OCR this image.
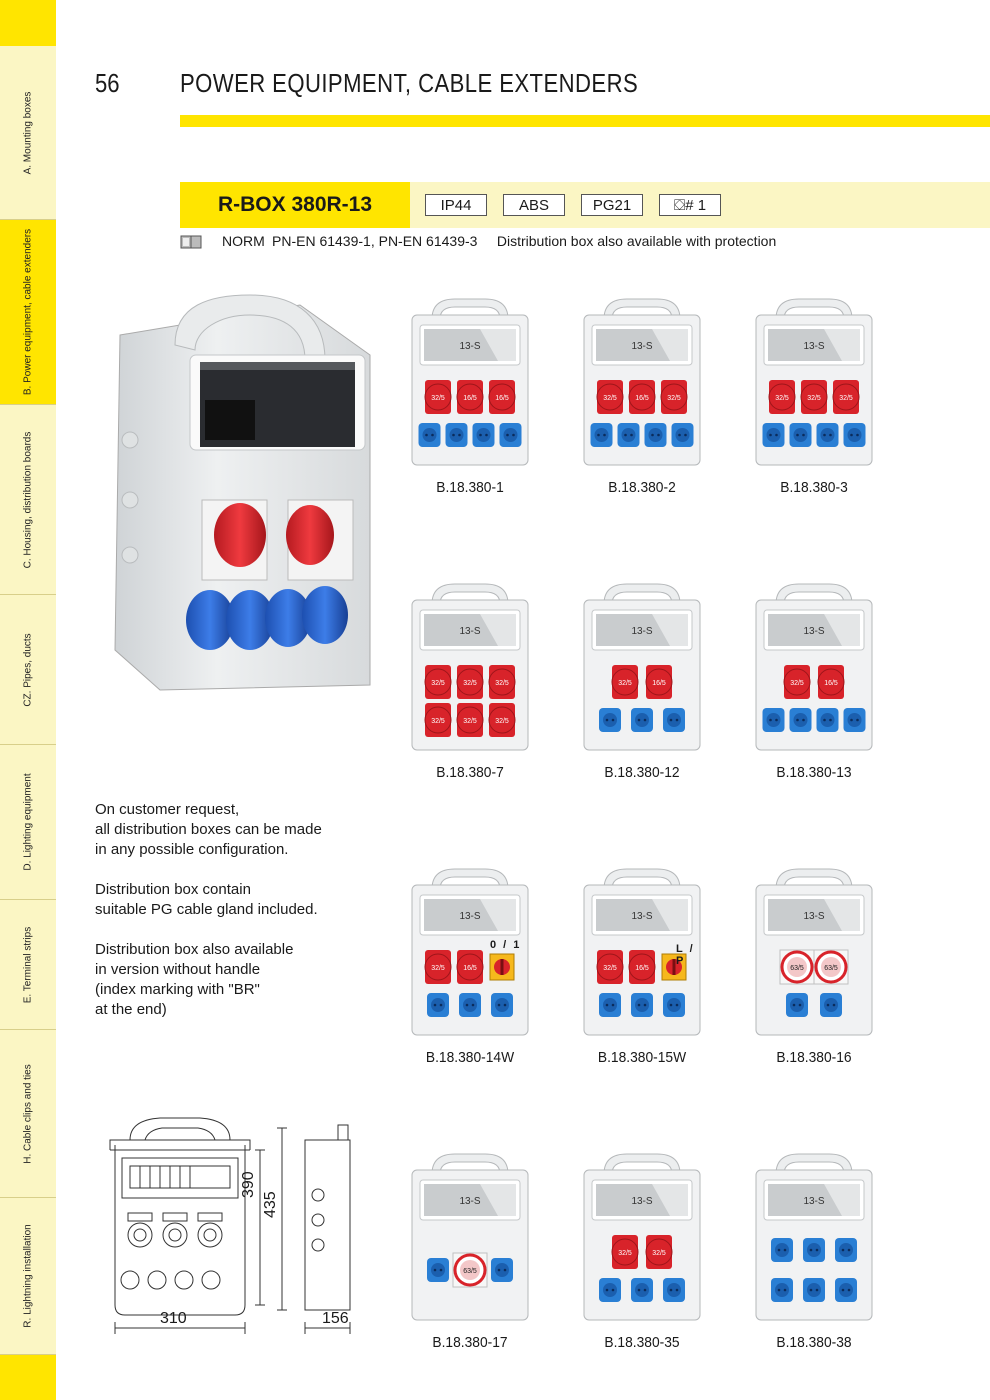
A. Mounting boxes
B. Power equipment, cable extenders
C. Housing, distribution boards
CZ. Pipes, ducts
D. Lighting equipment
E. Terminal strips
H. Cable clips and ties
R. Lightning installation
56 POWER EQUIPMENT, CABLE EXTENDERS
R-BOX 380R-13	IP44	ABS	PG21	⛋# 1
NORM PN-EN 61439-1, PN-EN 61439-3     Distribution box also available with protection
On customer request,
all distribution boxes can be made
in any possible configuration.
Distribution box contain
suitable PG cable gland included.
Distribution box also available
in version without handle
(index marking with "BR"
at the end)
13-S
32/5	16/5	16/5
B.18.380-1
13-S
32/5	16/5	32/5
B.18.380-2
13-S
32/5	32/5	32/5
B.18.380-3
13-S
32/5	32/5	32/5
32/5	32/5	32/5
B.18.380-7
13-S
32/5	16/5
B.18.380-12
13-S
32/5	16/5
B.18.380-13
13-S
32/5	16/5
0 / 1
B.18.380-14W
13-S
32/5	16/5
L / P
B.18.380-15W
13-S
63/5	63/5
B.18.380-16
13-S
63/5
B.18.380-17
13-S
32/5	32/5
B.18.380-35
13-S
B.18.380-38
390
435
310	156
